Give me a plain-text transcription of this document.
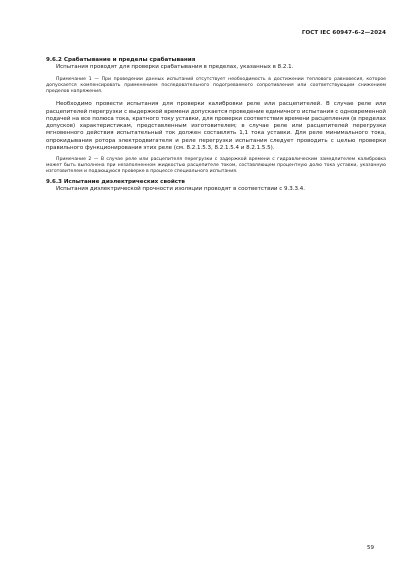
ГОСТ IEC 60947-6-2—2024

9.6.2 Срабатывание и пределы срабатывания

Испытания проводят для проверки срабатывания в пределах, указанных в 8.2.1.

Примечание 1 — При проведении данных испытаний отсутствует необходимость в достижении теплового равновесия, которое допускается компенсировать применением последовательного подогреваемого сопротивления или соответствующим снижением пределов напряжения.

Необходимо провести испытания для проверки калибровки реле или расцепителей. В случае реле или расцепителей перегрузки с выдержкой времени допускается проведение единичного испытания с одновременной подачей на все полюса тока, кратного току уставки, для проверки соответствия времени расцепления (в пределах допусков) характеристикам, представленным изготовителем; в случае реле или расцепителей перегрузки мгновенного действия испытательный ток должен составлять 1,1 тока уставки. Для реле минимального тока, опрокидывания ротора электродвигателя и реле перегрузки испытания следует проводить с целью проверки правильного функционирования этих реле (см. 8.2.1.5.3, 8.2.1.5.4 и 8.2.1.5.5).

Примечание 2 — В случае реле или расцепителя перегрузки с задержкой времени с гидравлическим замедлителем калибровка может быть выполнена при незаполненном жидкостью расцепителе током, составляющем процентную долю тока уставки, указанную изготовителем и подающуюся проверке в процессе специального испытания.

9.6.3 Испытание диэлектрических свойств

Испытания диэлектрической прочности изоляции проводят в соответствии с 9.3.3.4.

59
